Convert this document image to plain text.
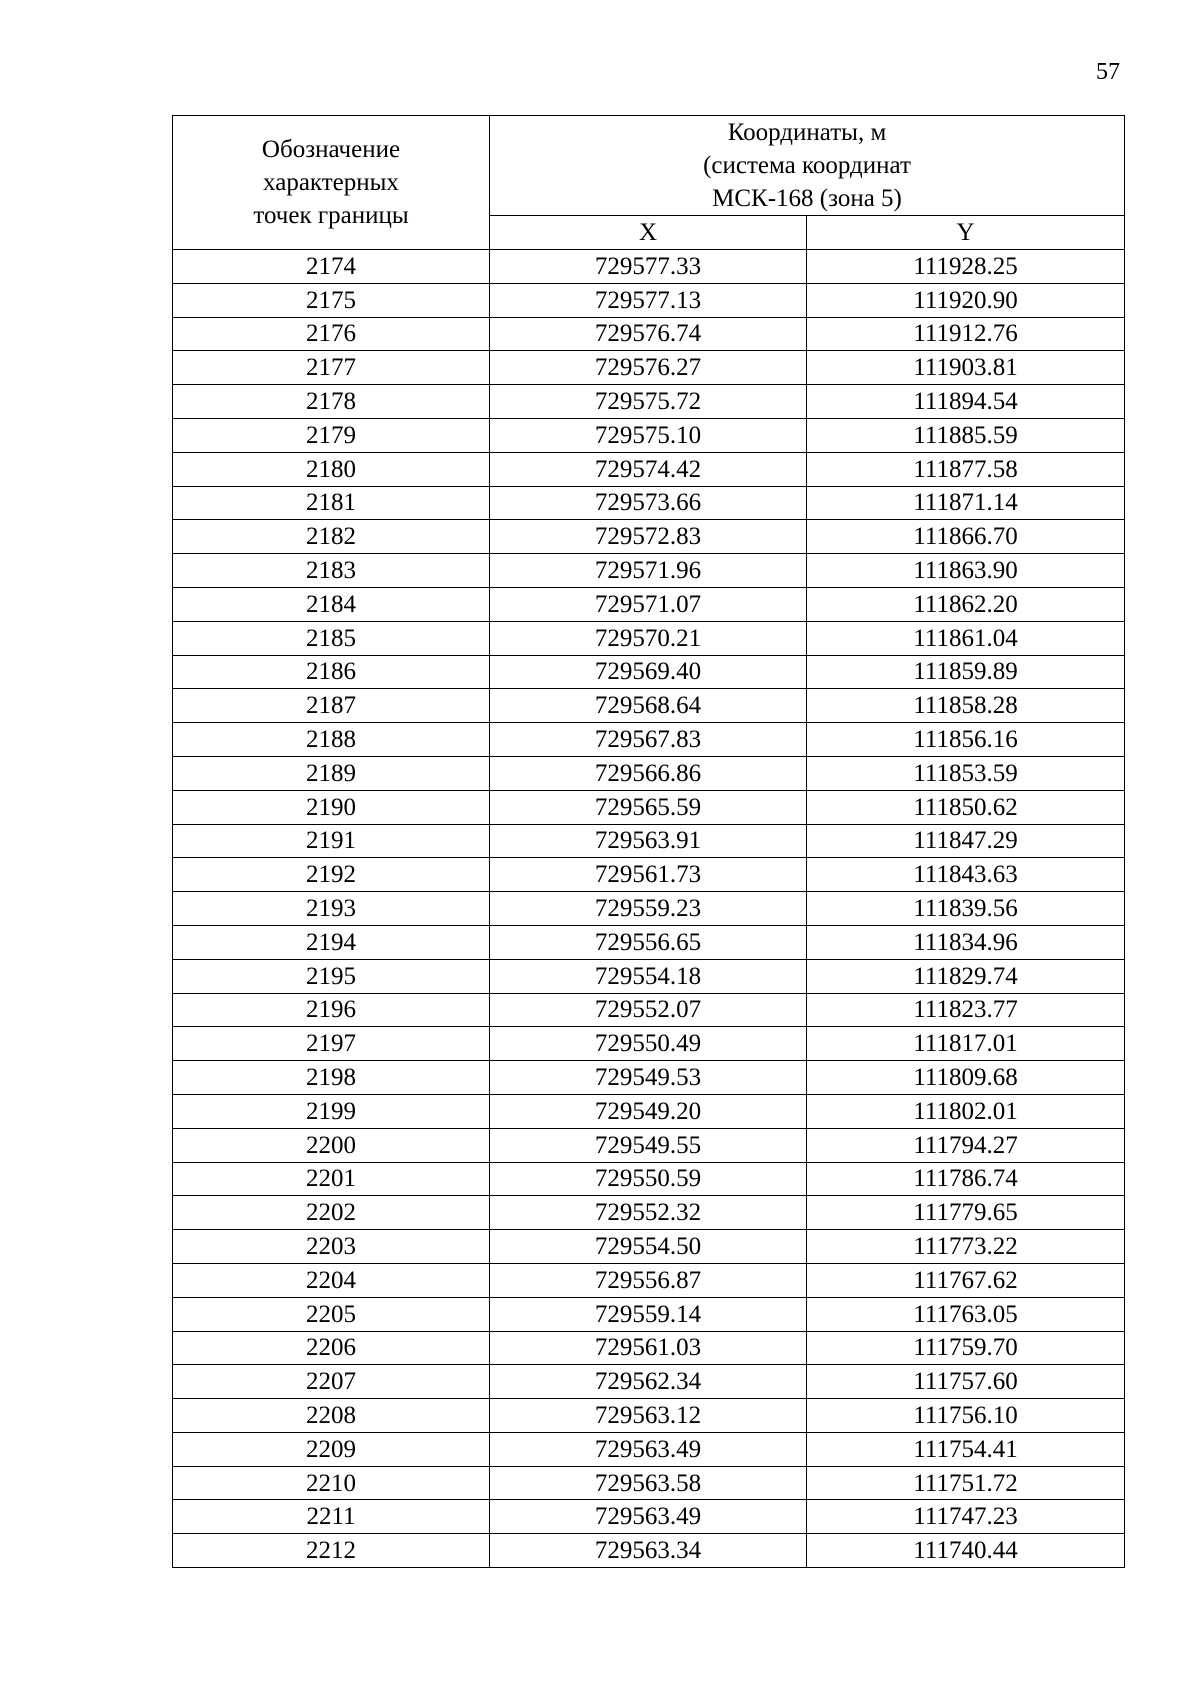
57
Обозначение
характерных
точек границы	Координаты, м
(система координат
МСК-168 (зона 5)	
	X	Y
2174	729577.33	111928.25
2175	729577.13	111920.90
2176	729576.74	111912.76
2177	729576.27	111903.81
2178	729575.72	111894.54
2179	729575.10	111885.59
2180	729574.42	111877.58
2181	729573.66	111871.14
2182	729572.83	111866.70
2183	729571.96	111863.90
2184	729571.07	111862.20
2185	729570.21	111861.04
2186	729569.40	111859.89
2187	729568.64	111858.28
2188	729567.83	111856.16
2189	729566.86	111853.59
2190	729565.59	111850.62
2191	729563.91	111847.29
2192	729561.73	111843.63
2193	729559.23	111839.56
2194	729556.65	111834.96
2195	729554.18	111829.74
2196	729552.07	111823.77
2197	729550.49	111817.01
2198	729549.53	111809.68
2199	729549.20	111802.01
2200	729549.55	111794.27
2201	729550.59	111786.74
2202	729552.32	111779.65
2203	729554.50	111773.22
2204	729556.87	111767.62
2205	729559.14	111763.05
2206	729561.03	111759.70
2207	729562.34	111757.60
2208	729563.12	111756.10
2209	729563.49	111754.41
2210	729563.58	111751.72
2211	729563.49	111747.23
2212	729563.34	111740.44
